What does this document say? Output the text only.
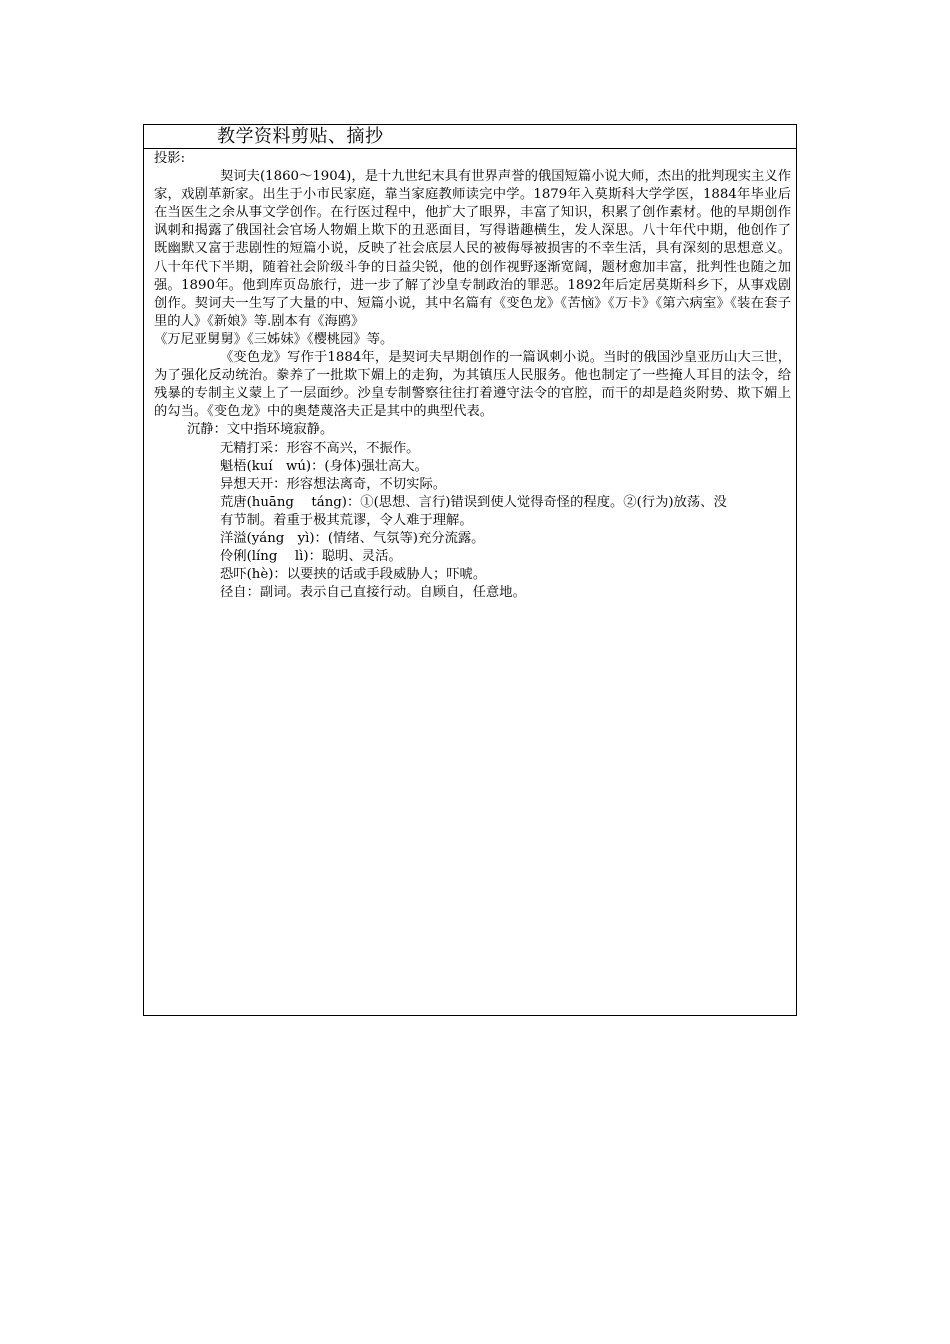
教学资料剪贴、摘抄

投影:

契诃夫(1860～1904)，是十九世纪末具有世界声誉的俄国短篇小说大师，杰出的批判现实主义作家，戏剧革新家。出生于小市民家庭，靠当家庭教师读完中学。1879年入莫斯科大学学医，1884年毕业后在当医生之余从事文学创作。在行医过程中，他扩大了眼界，丰富了知识，积累了创作素材。他的早期创作讽刺和揭露了俄国社会官场人物媚上欺下的丑恶面目，写得谐趣横生，发人深思。八十年代中期，他创作了既幽默又富于悲剧性的短篇小说，反映了社会底层人民的被侮辱被损害的不幸生活，具有深刻的思想意义。八十年代下半期，随着社会阶级斗争的日益尖锐，他的创作视野逐渐宽阔，题材愈加丰富，批判性也随之加强。1890年。他到库页岛旅行，进一步了解了沙皇专制政治的罪恶。1892年后定居莫斯科乡下，从事戏剧创作。契诃夫一生写了大量的中、短篇小说，其中名篇有《变色龙》《苦恼》《万卡》《第六病室》《装在套子里的人》《新娘》等.剧本有《海鸥》

《万尼亚舅舅》《三姊妹》《樱桃园》等。

《变色龙》写作于1884年，是契诃夫早期创作的一篇讽刺小说。当时的俄国沙皇亚历山大三世，为了强化反动统治。豢养了一批欺下媚上的走狗，为其镇压人民服务。他也制定了一些掩人耳目的法令，给残暴的专制主义蒙上了一层面纱。沙皇专制警察往往打着遵守法令的官腔，而干的却是趋炎附势、欺下媚上的勾当。《变色龙》中的奥楚蔑洛夫正是其中的典型代表。

沉静：文中指环境寂静。

无精打采：形容不高兴，不振作。

魁梧(kuí　wú)：(身体)强壮高大。

异想天开：形容想法离奇，不切实际。

荒唐(huāng　 táng)：①(思想、言行)错误到使人觉得奇怪的程度。②(行为)放荡、没

有节制。着重于极其荒谬，令人难于理解。

洋溢(yáng　yì)：(情绪、气氛等)充分流露。

伶俐(líng　 lì)：聪明、灵活。

恐吓(hè)：以要挟的话或手段威胁人；吓唬。

径自：副词。表示自己直接行动。自顾自，任意地。
